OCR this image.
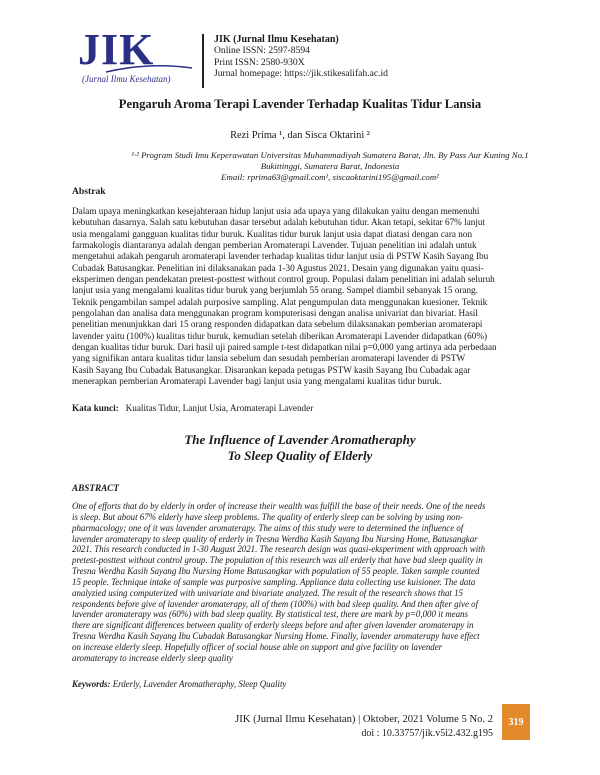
JIK
(Jurnal Ilmu Kesehatan)
JIK (Jurnal Ilmu Kesehatan)
Online ISSN: 2597-8594
Print ISSN: 2580-930X
Jurnal homepage: https://jik.stikesalifah.ac.id
Pengaruh Aroma Terapi Lavender Terhadap Kualitas Tidur Lansia
Rezi Prima ¹, dan Sisca Oktarini ²
¹·² Program Studi Imu Keperawatan Universitas Muhammadiyah Sumatera Barat, Jln. By Pass Aur Kuning No.1
Bukittinggi, Sumatera Barat, Indonesia
Email: rprima63@gmail.com¹, siscaoktarini195@gmail.com²
Abstrak
Dalam upaya meningkatkan kesejahteraan hidup lanjut usia ada upaya yang dilakukan yaitu dengan memenuhi
kebutuhan dasarnya. Salah satu kebutuhan dasar tersebut adalah kebutuhan tidur. Akan tetapi, sekitar 67% lanjut
usia mengalami gangguan kualitas tidur buruk. Kualitas tidur buruk lanjut usia dapat diatasi dengan cara non
farmakologis diantaranya adalah dengan pemberian Aromaterapi Lavender. Tujuan penelitian ini adalah untuk
mengetahui adakah pengaruh aromaterapi lavender terhadap kualitas tidur lanjut usia di PSTW Kasih Sayang Ibu
Cubadak Batusangkar. Penelitian ini dilaksanakan pada 1-30 Agustus 2021. Desain yang digunakan yaitu quasi-
eksperimen dengan pendekatan pretest-posttest without control group. Populasi dalam penelitian ini adalah seluruh
lanjut usia yang mengalami kualitas tidur buruk yang berjumlah 55 orang. Sampel diambil sebanyak 15 orang.
Teknik pengambilan sampel adalah purposive sampling. Alat pengumpulan data menggunakan kuesioner. Teknik
pengolahan dan analisa data menggunakan program komputerisasi dengan analisa univariat dan bivariat. Hasil
penelitian menunjukkan dari 15 orang responden didapatkan data sebelum dilaksanakan pemberian aromaterapi
lavender yaitu (100%) kualitas tidur buruk, kemudian setelah diberikan Aromaterapi Lavender didapatkan (60%)
dengan kualitas tidur buruk. Dari hasil uji paired sample t-test didapatkan nilai p=0,000 yang artinya ada perbedaan
yang signifikan antara kualitas tidur lansia sebelum dan sesudah pemberian aromaterapi lavender di PSTW
Kasih Sayang Ibu Cubadak Batusangkar. Disarankan kepada petugas PSTW kasih Sayang Ibu Cubadak agar
menerapkan pemberian Aromaterapi Lavender bagi lanjut usia yang mengalami kualitas tidur buruk.
Kata kunci: Kualitas Tidur, Lanjut Usia, Aromaterapi Lavender
The Influence of Lavender Aromatheraphy
To Sleep Quality of Elderly
ABSTRACT
One of efforts that do by elderly in order of increase their wealth was fulfill the base of their needs. One of the needs
is sleep. But about 67% elderly have sleep problems. The quality of erderly sleep can be solving by using non-
pharmacology; one of it was lavender aromaterapy. The aims of this study were to determined the influence of
lavender aromaterapy to sleep quality of erderly in Tresna Werdha Kasih Sayang Ibu Nursing Home, Batusangkar
2021. This research conducted in 1-30 August 2021. The research design was quasi-eksperiment with approach with
pretest-posttest without control group. The population of this research was all erderly that have bad sleep quality in
Tresna Werdha Kasih Sayang Ibu Nursing Home Batusangkar with population of 55 people. Taken sample counted
15 people. Technique intake of sample was purposive sampling. Appliance data collecting use kuisioner. The data
analyzied using computerized with univariate and bivariate analyzed. The result of the research shows that 15
respondents before give of lavender aromaterapy, all of them (100%) with bad sleep quality. And then after give of
lavender aromaterapy was (60%) with bad sleep quality. By statistical test, there are mark by p=0,000 it means
there are significant differences between quality of erderly sleeps before and after given lavender aromaterapy in
Tresna Werdha Kasih Sayang Ibu Cubadak Batusangkar Nursing Home. Finally, lavender aromaterapy have effect
on increase elderly sleep. Hopefully officer of social house able on support and give facility on lavender
aromaterapy to increase elderly sleep quality
Keywords: Erderly, Lavender Aromatheraphy, Sleep Quality
JIK (Jurnal Ilmu Kesehatan) | Oktober, 2021 Volume 5 No. 2
doi : 10.33757/jik.v5i2.432.g195
319
